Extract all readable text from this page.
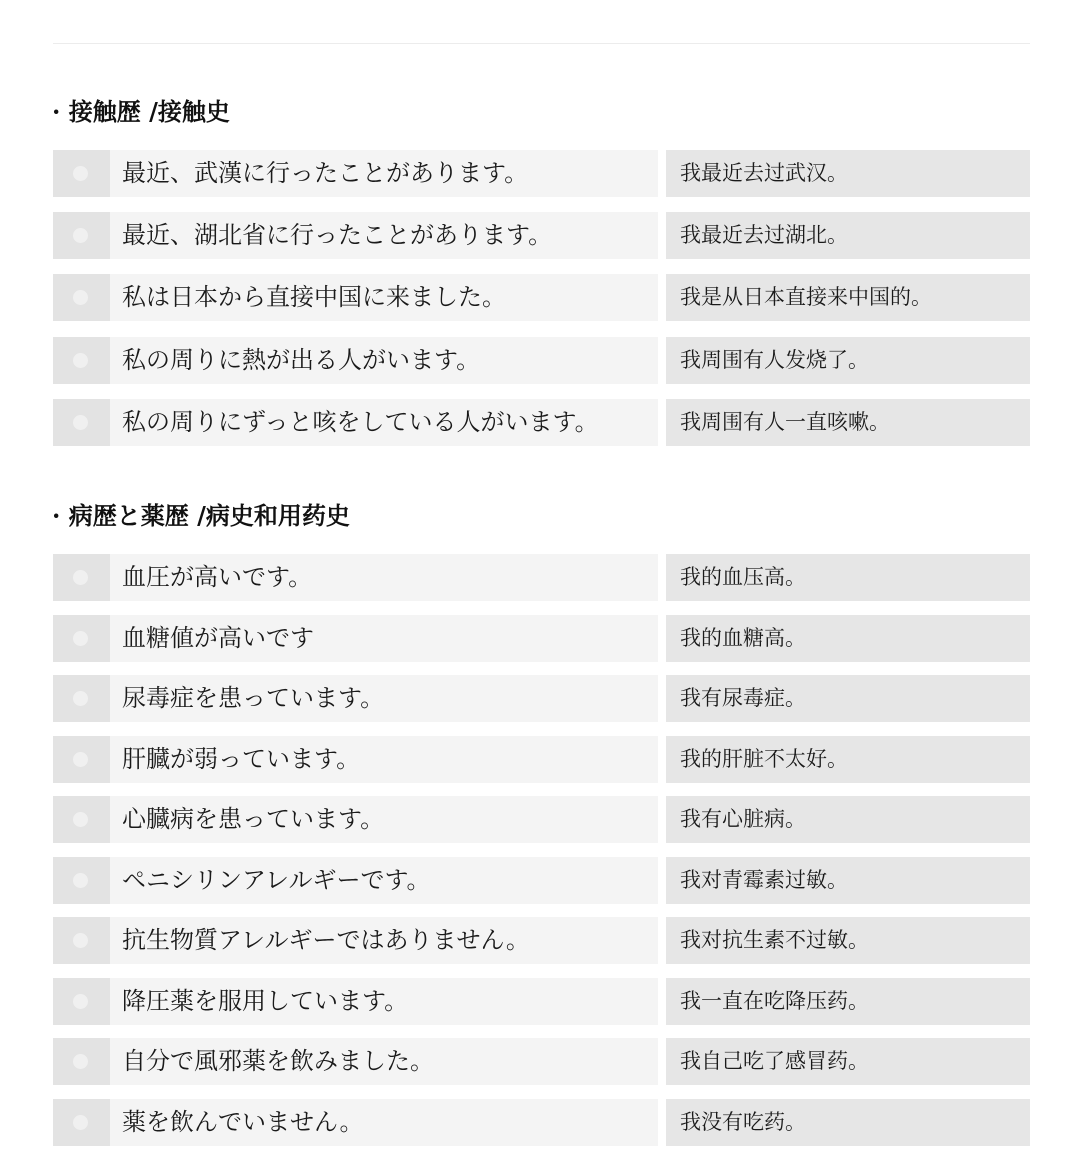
· 接触歴 /接触史
最近、武漢に行ったことがあります。	我最近去过武汉。
最近、湖北省に行ったことがあります。	我最近去过湖北。
私は日本から直接中国に来ました。	我是从日本直接来中国的。
私の周りに熱が出る人がいます。	我周围有人发烧了。
私の周りにずっと咳をしている人がいます。	我周围有人一直咳嗽。
· 病歴と薬歴 /病史和用药史
血圧が高いです。	我的血压高。
血糖値が高いです	我的血糖高。
尿毒症を患っています。	我有尿毒症。
肝臓が弱っています。	我的肝脏不太好。
心臓病を患っています。	我有心脏病。
ペニシリンアレルギーです。	我对青霉素过敏。
抗生物質アレルギーではありません。	我对抗生素不过敏。
降圧薬を服用しています。	我一直在吃降压药。
自分で風邪薬を飲みました。	我自己吃了感冒药。
薬を飲んでいません。	我没有吃药。
